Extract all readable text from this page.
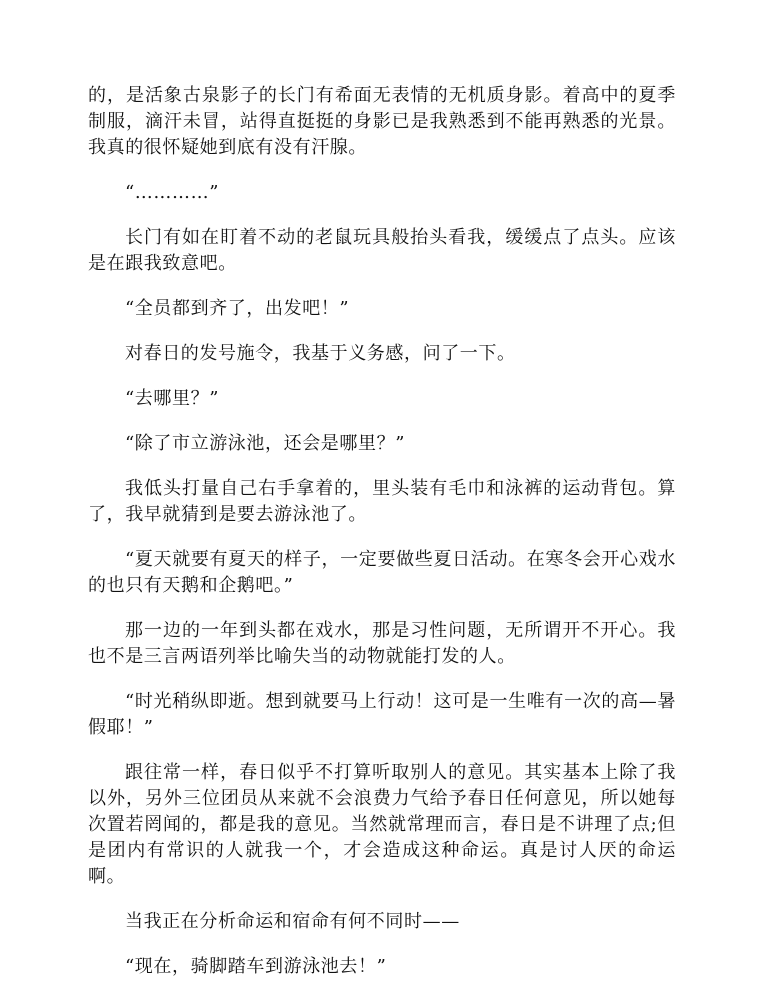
的，是活象古泉影子的长门有希面无表情的无机质身影。着高中的夏季制服，滴汗未冒，站得直挺挺的身影已是我熟悉到不能再熟悉的光景。我真的很怀疑她到底有没有汗腺。

“…………”

长门有如在盯着不动的老鼠玩具般抬头看我，缓缓点了点头。应该是在跟我致意吧。

“全员都到齐了，出发吧！”

对春日的发号施令，我基于义务感，问了一下。

“去哪里？”

“除了市立游泳池，还会是哪里？”

我低头打量自己右手拿着的，里头装有毛巾和泳裤的运动背包。算了，我早就猜到是要去游泳池了。

“夏天就要有夏天的样子，一定要做些夏日活动。在寒冬会开心戏水的也只有天鹅和企鹅吧。”

那一边的一年到头都在戏水，那是习性问题，无所谓开不开心。我也不是三言两语列举比喻失当的动物就能打发的人。

“时光稍纵即逝。想到就要马上行动！这可是一生唯有一次的高—暑假耶！”

跟往常一样，春日似乎不打算听取别人的意见。其实基本上除了我以外，另外三位团员从来就不会浪费力气给予春日任何意见，所以她每次置若罔闻的，都是我的意见。当然就常理而言，春日是不讲理了点;但是团内有常识的人就我一个，才会造成这种命运。真是讨人厌的命运啊。

当我正在分析命运和宿命有何不同时——

“现在，骑脚踏车到游泳池去！”
